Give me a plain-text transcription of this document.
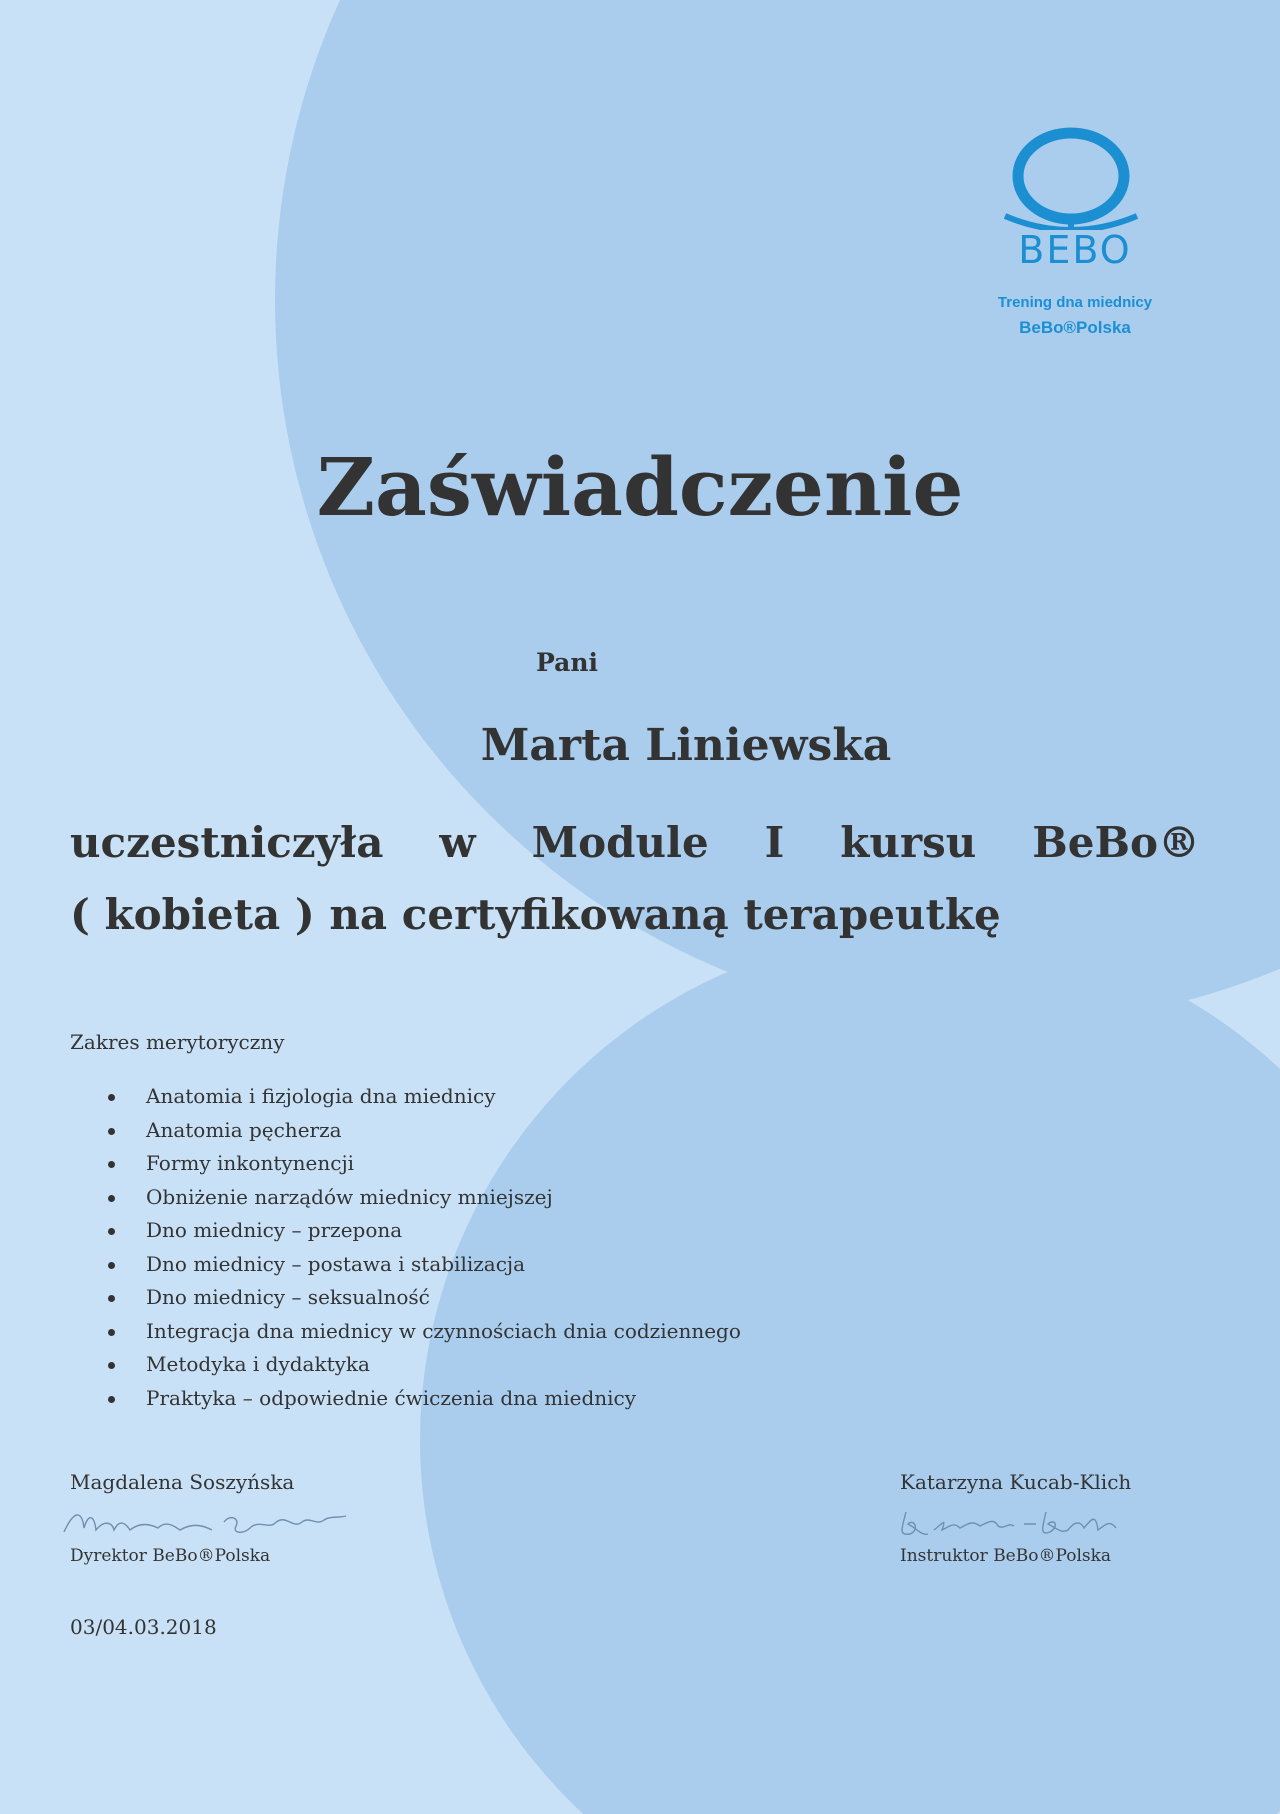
BEBO
Trening dna miednicy
BeBo®Polska
Zaświadczenie
Pani
Marta Liniewska
uczestniczyła w Module I kursu BeBo®
( kobieta ) na certyfikowaną terapeutkę
Zakres merytoryczny
Anatomia i fizjologia dna miednicy
Anatomia pęcherza
Formy inkontynencji
Obniżenie narządów miednicy mniejszej
Dno miednicy – przepona
Dno miednicy – postawa i stabilizacja
Dno miednicy – seksualność
Integracja dna miednicy w czynnościach dnia codziennego
Metodyka i dydaktyka
Praktyka – odpowiednie ćwiczenia dna miednicy
Magdalena Soszyńska
Dyrektor BeBo®Polska
Katarzyna Kucab-Klich
Instruktor BeBo®Polska
03/04.03.2018
